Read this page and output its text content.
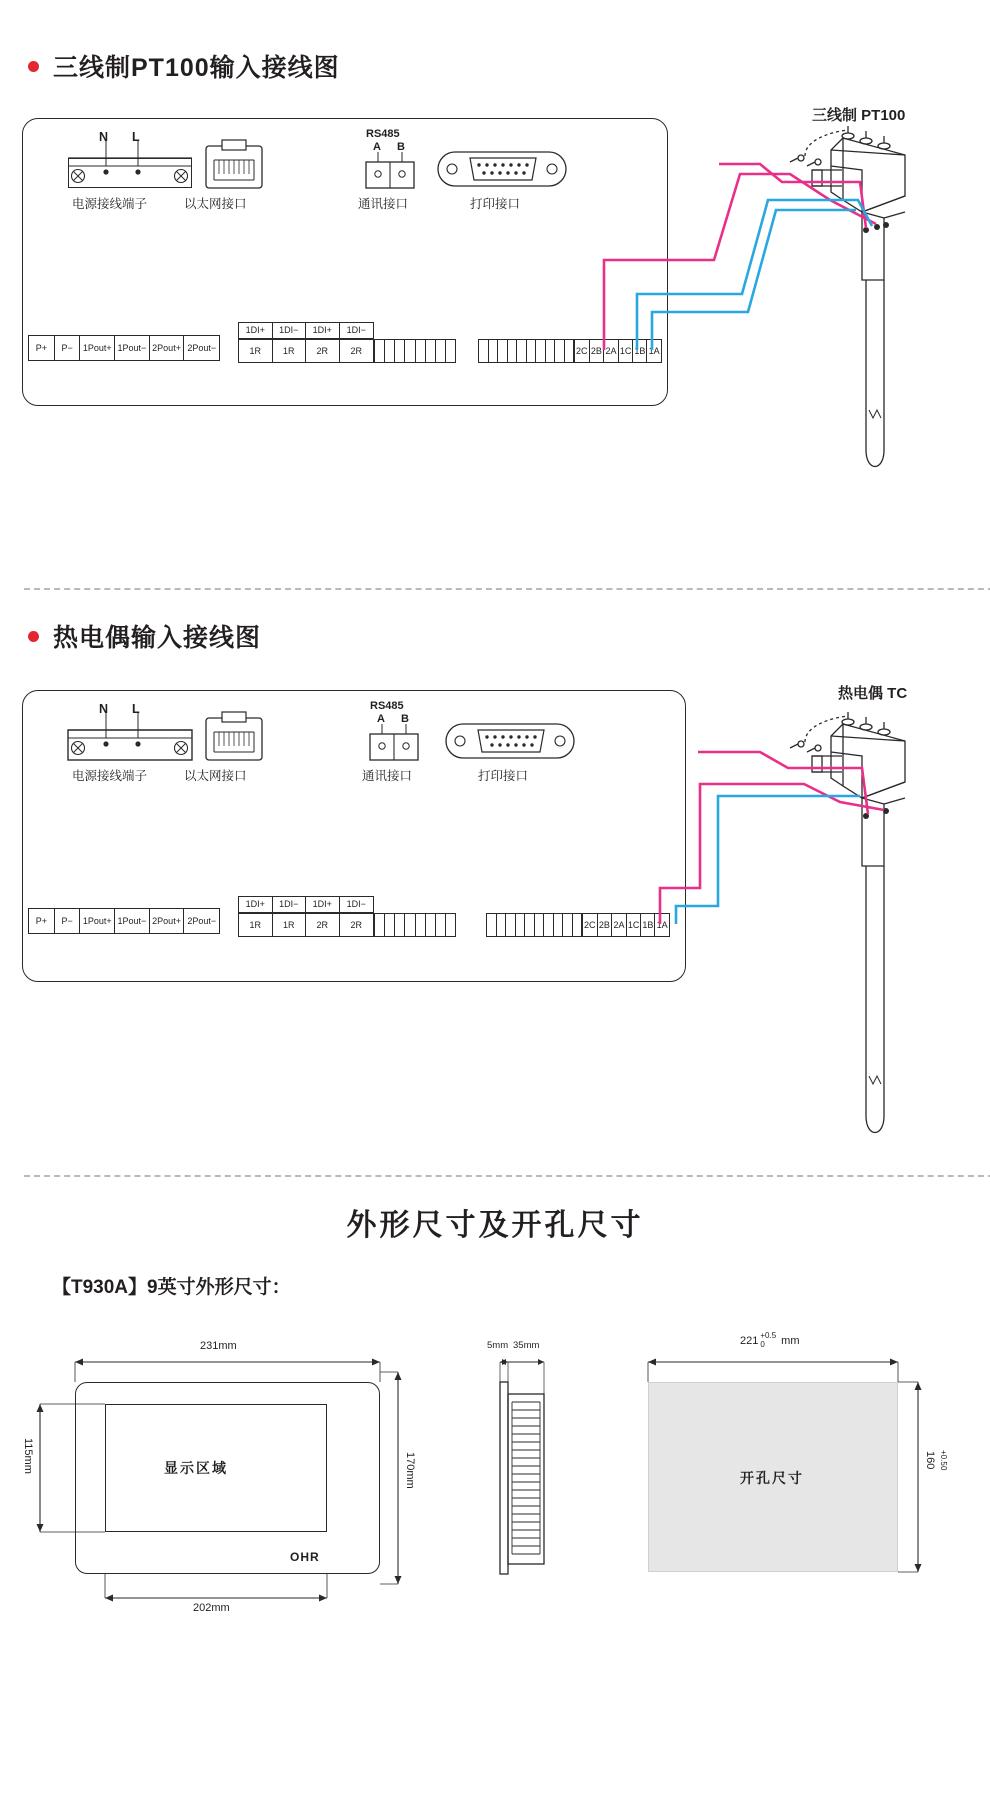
三线制PT100输入接线图
N L
电源接线端子	以太网接口
RS485
A B
通讯接口	打印接口
P+	P−	1Pout+ 1Pout− 2Pout+ 2Pout−
1DI+	1DI−	1DI+	1DI−
1R	1R	2R	2R	2C 2B 2A 1C 1B 1A
三线制 PT100
热电偶输入接线图
N L
电源接线端子	以太网接口
RS485
A B
通讯接口	打印接口
P+	P−	1Pout+ 1Pout− 2Pout+ 2Pout−
1DI+	1DI−	1DI+	1DI−
1R	1R	2R	2R	2C 2B 2A 1C 1B 1A
热电偶 TC
外形尺寸及开孔尺寸
【T930A】9英寸外形尺寸：
显示区域
OHR
231mm
170mm
115mm
202mm
5mm 35mm
开孔尺寸
221 +0.5
0	mm
160 +0.5
0
